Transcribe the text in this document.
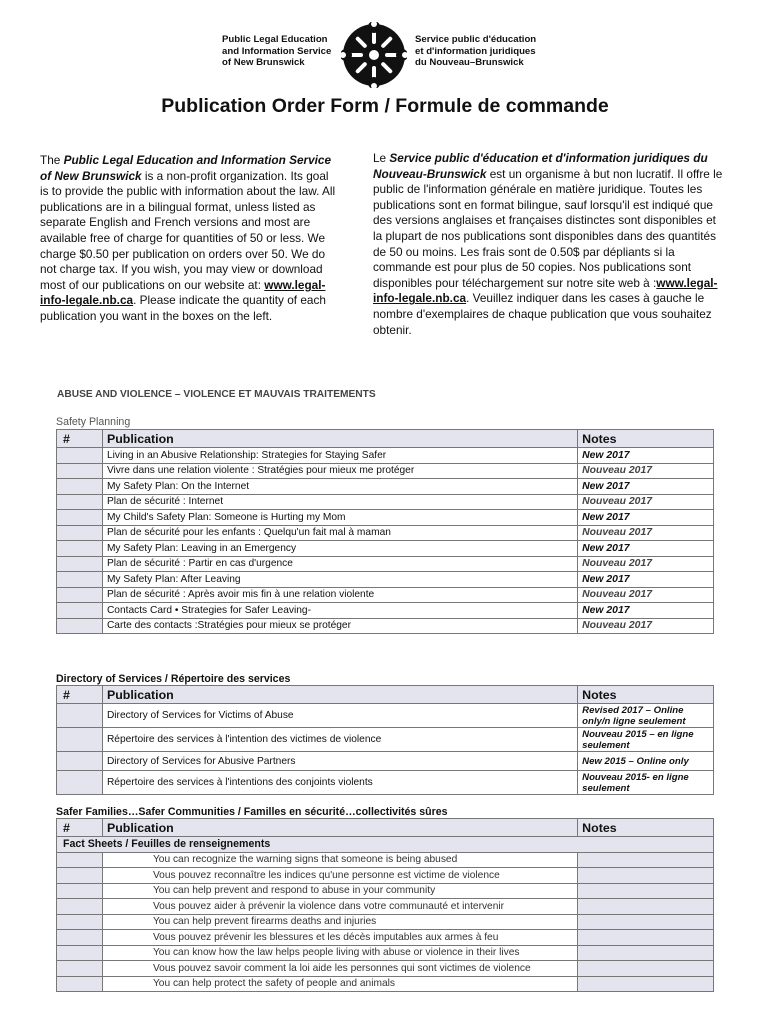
Public Legal Education
and Information Service
of New Brunswick
Service public d'éducation
et d'information juridiques
du Nouveau–Brunswick
Publication Order Form / Formule de commande

The Public Legal Education and Information Service of New Brunswick is a non-profit organization. Its goal is to provide the public with information about the law. All publications are in a bilingual format, unless listed as separate English and French versions and most are available free of charge for quantities of 50 or less. We charge $0.50 per publication on orders over 50. We do not charge tax. If you wish, you may view or download most of our publications on our website at: www.legal-info-legale.nb.ca. Please indicate the quantity of each publication you want in the boxes on the left.

Le Service public d'éducation et d'information juridiques du Nouveau-Brunswick est un organisme à but non lucratif. Il offre le public de l'information générale en matière juridique. Toutes les publications sont en format bilingue, sauf lorsqu'il est indiqué que des versions anglaises et françaises distinctes sont disponibles et la plupart de nos publications sont disponibles dans des quantités de 50 ou moins. Les frais sont de 0.50$ par dépliants si la commande est pour plus de 50 copies. Nos publications sont disponibles pour téléchargement sur notre site web à :www.legal-info-legale.nb.ca. Veuillez indiquer dans les cases à gauche le nombre d'exemplaires de chaque publication que vous souhaitez obtenir.

ABUSE AND VIOLENCE – VIOLENCE ET MAUVAIS TRAITEMENTS
Safety Planning
#	Publication	Notes
	Living in an Abusive Relationship: Strategies for Staying Safer	New 2017
	Vivre dans une relation violente : Stratégies pour mieux me protéger	Nouveau 2017
	My Safety Plan: On the Internet	New 2017
	Plan de sécurité : Internet	Nouveau 2017
	My Child's Safety Plan: Someone is Hurting my Mom	New 2017
	Plan de sécurité pour les enfants : Quelqu'un fait mal à maman	Nouveau 2017
	My Safety Plan: Leaving in an Emergency	New 2017
	Plan de sécurité : Partir en cas d'urgence	Nouveau 2017
	My Safety Plan: After Leaving	New 2017
	Plan de sécurité : Après avoir mis fin à une relation violente	Nouveau 2017
	Contacts Card • Strategies for Safer Leaving-	New 2017
	Carte des contacts :Stratégies pour mieux se protéger	Nouveau 2017
Directory of Services / Répertoire des services
#	Publication	Notes
	Directory of Services for Victims of Abuse	Revised 2017 – Online only/n ligne seulement
	Répertoire des services à l'intention des victimes de violence	Nouveau 2015 – en ligne seulement
	Directory of Services for Abusive Partners	New 2015 – Online only
	Répertoire des services à l'intentions des conjoints violents	Nouveau 2015- en ligne seulement
Safer Families…Safer Communities / Familles en sécurité…collectivités sûres
#	Publication	Notes
Fact Sheets / Feuilles de renseignements		
	You can recognize the warning signs that someone is being abused	
	Vous pouvez reconnaître les indices qu'une personne est victime de violence	
	You can help prevent and respond to abuse in your community	
	Vous pouvez aider à prévenir la violence dans votre communauté et intervenir	
	You can help prevent firearms deaths and injuries	
	Vous pouvez prévenir les blessures et les décès imputables aux armes à feu	
	You can know how the law helps people living with abuse or violence in their lives	
	Vous pouvez savoir comment la loi aide les personnes qui sont victimes de violence	
	You can help protect the safety of people and animals	
